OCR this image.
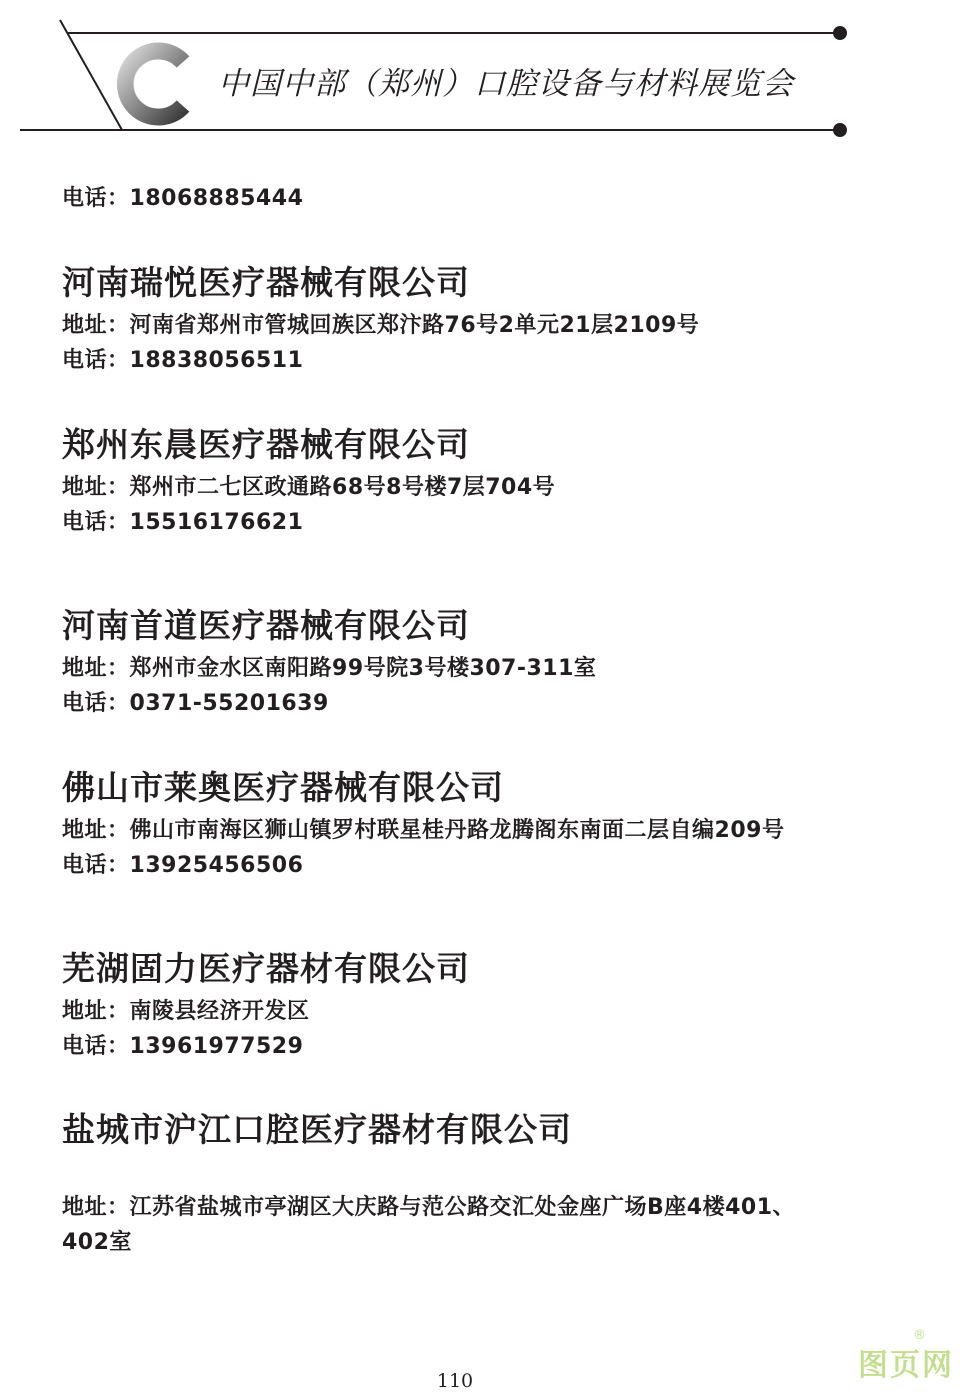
中国中部（郑州）口腔设备与材料展览会
电话：18068885444
河南瑞悦医疗器械有限公司
地址：河南省郑州市管城回族区郑汴路76号2单元21层2109号
电话：18838056511
郑州东晨医疗器械有限公司
地址：郑州市二七区政通路68号8号楼7层704号
电话：15516176621
河南首道医疗器械有限公司
地址：郑州市金水区南阳路99号院3号楼307-311室
电话：0371-55201639
佛山市莱奥医疗器械有限公司
地址：佛山市南海区狮山镇罗村联星桂丹路龙腾阁东南面二层自编209号
电话：13925456506
芜湖固力医疗器材有限公司
地址：南陵县经济开发区
电话：13961977529
盐城市沪江口腔医疗器材有限公司
地址：江苏省盐城市亭湖区大庆路与范公路交汇处金座广场B座4楼401、
402室
110	图页网
®
